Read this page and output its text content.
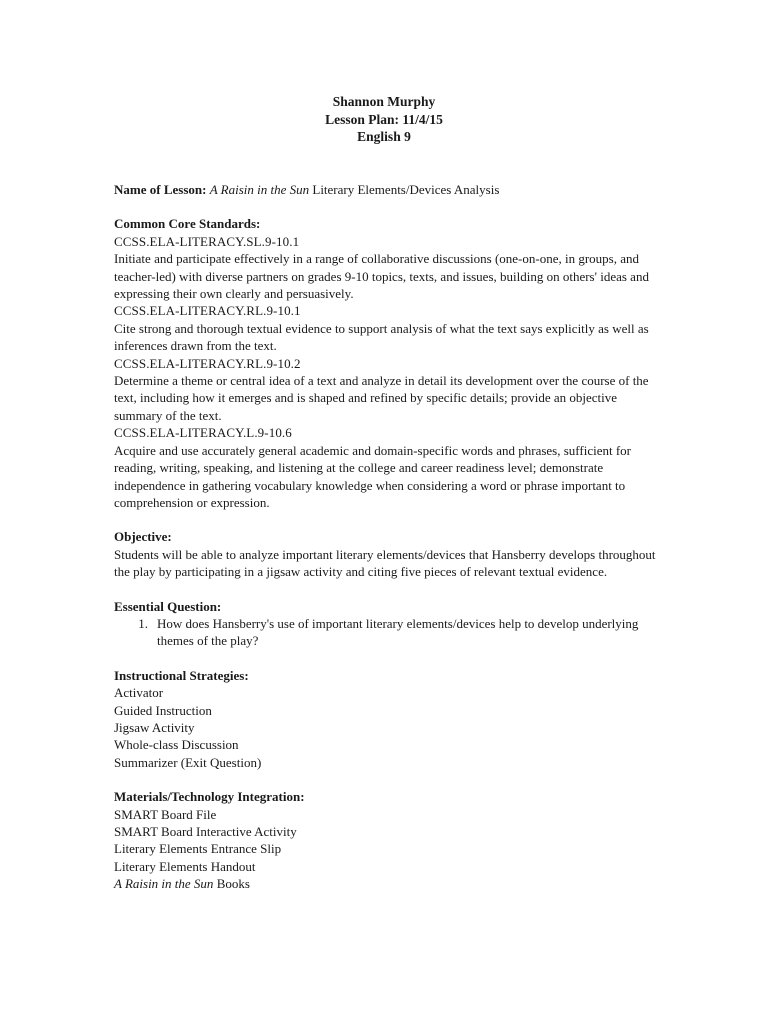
Shannon Murphy
Lesson Plan: 11/4/15
English 9
Name of Lesson: A Raisin in the Sun Literary Elements/Devices Analysis
Common Core Standards:
CCSS.ELA-LITERACY.SL.9-10.1
Initiate and participate effectively in a range of collaborative discussions (one-on-one, in groups, and teacher-led) with diverse partners on grades 9-10 topics, texts, and issues, building on others' ideas and expressing their own clearly and persuasively.
CCSS.ELA-LITERACY.RL.9-10.1
Cite strong and thorough textual evidence to support analysis of what the text says explicitly as well as inferences drawn from the text.
CCSS.ELA-LITERACY.RL.9-10.2
Determine a theme or central idea of a text and analyze in detail its development over the course of the text, including how it emerges and is shaped and refined by specific details; provide an objective summary of the text.
CCSS.ELA-LITERACY.L.9-10.6
Acquire and use accurately general academic and domain-specific words and phrases, sufficient for reading, writing, speaking, and listening at the college and career readiness level; demonstrate independence in gathering vocabulary knowledge when considering a word or phrase important to comprehension or expression.
Objective:
Students will be able to analyze important literary elements/devices that Hansberry develops throughout the play by participating in a jigsaw activity and citing five pieces of relevant textual evidence.
Essential Question:
1. How does Hansberry's use of important literary elements/devices help to develop underlying themes of the play?
Instructional Strategies:
Activator
Guided Instruction
Jigsaw Activity
Whole-class Discussion
Summarizer (Exit Question)
Materials/Technology Integration:
SMART Board File
SMART Board Interactive Activity
Literary Elements Entrance Slip
Literary Elements Handout
A Raisin in the Sun Books
